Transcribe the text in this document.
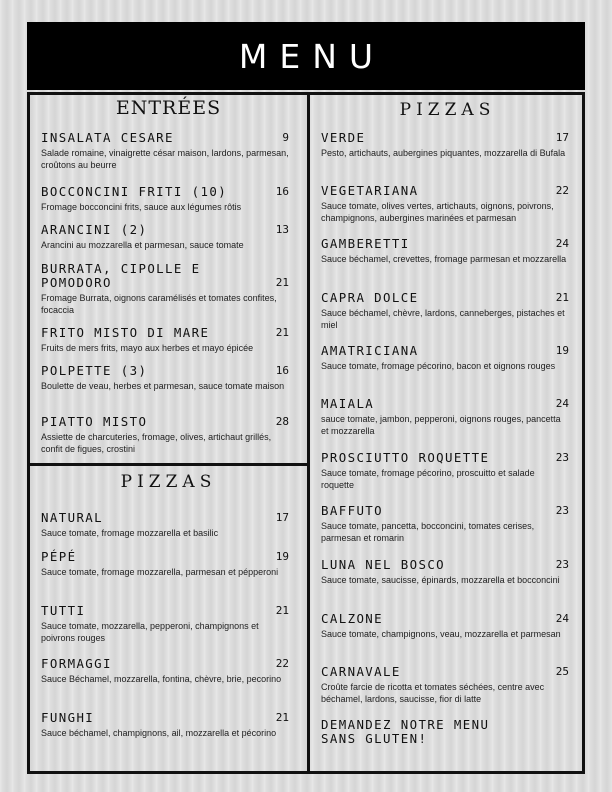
MENU
ENTRÉES	PIZZAS
PIZZAS
INSALATA CESARE	9
Salade romaine, vinaigrette césar maison, lardons, parmesan, croûtons au beurre
BOCCONCINI FRITI (10)	16
Fromage bocconcini frits, sauce aux légumes rôtis
ARANCINI (2)	13
Arancini au mozzarella et parmesan, sauce tomate
BURRATA, CIPOLLE E POMODORO	21
Fromage Burrata, oignons caramélisés et tomates confites, focaccia
FRITO MISTO DI MARE	21
Fruits de mers frits, mayo aux herbes et mayo épicée
POLPETTE (3)	16
Boulette de veau, herbes et parmesan, sauce tomate maison
PIATTO MISTO	28
Assiette de charcuteries, fromage, olives, artichaut grillés, confit de figues, crostini
NATURAL	17
Sauce tomate, fromage mozzarella et basilic
PÉPÉ	19
Sauce tomate, fromage mozzarella, parmesan et pépperoni
TUTTI	21
Sauce tomate, mozzarella, pepperoni, champignons et poivrons rouges
FORMAGGI	22
Sauce Béchamel, mozzarella, fontina, chèvre, brie, pecorino
FUNGHI	21
Sauce béchamel, champignons, ail, mozzarella et pécorino
VERDE	17
Pesto, artichauts, aubergines piquantes, mozzarella di Bufala
VEGETARIANA	22
Sauce tomate, olives vertes, artichauts, oignons, poivrons, champignons, aubergines marinées et parmesan
GAMBERETTI	24
Sauce béchamel, crevettes, fromage parmesan et mozzarella
CAPRA DOLCE	21
Sauce béchamel, chèvre, lardons, canneberges, pistaches et miel
AMATRICIANA	19
Sauce tomate, fromage pécorino, bacon et oignons rouges
MAIALA	24
sauce tomate, jambon, pepperoni, oignons rouges, pancetta et mozzarella
PROSCIUTTO ROQUETTE	23
Sauce tomate, fromage pécorino, proscuitto et salade roquette
BAFFUTO	23
Sauce tomate, pancetta, bocconcini, tomates cerises, parmesan et romarin
LUNA NEL BOSCO	23
Sauce tomate, saucisse, épinards, mozzarella et bocconcini
CALZONE	24
Sauce tomate, champignons, veau, mozzarella et parmesan
CARNAVALE	25
Croûte farcie de ricotta et tomates séchées, centre avec béchamel, lardons, saucisse, fior di latte
DEMANDEZ NOTRE MENU SANS GLUTEN!
